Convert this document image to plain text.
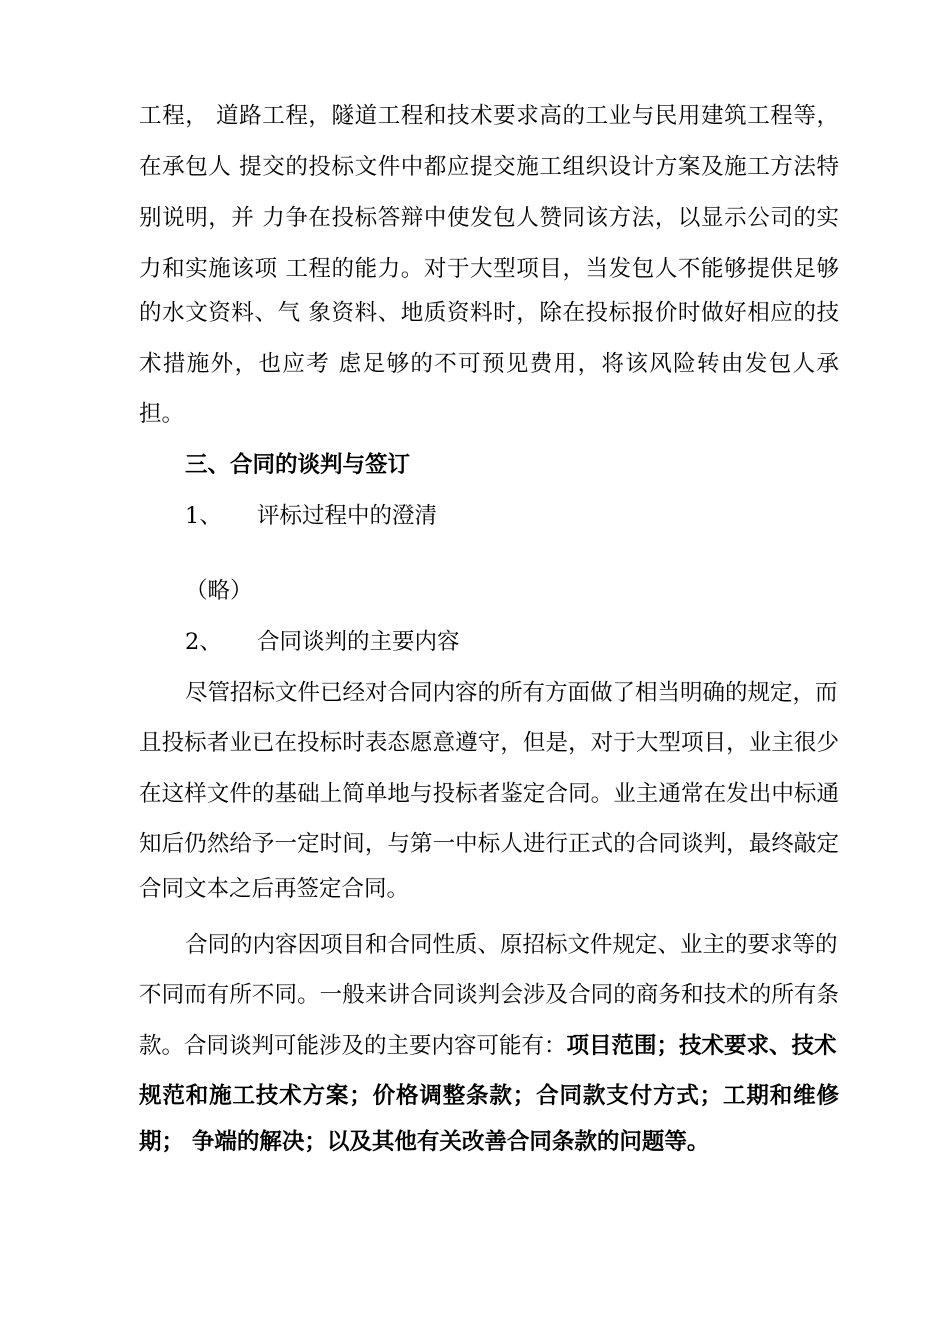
工程， 道路工程，隧道工程和技术要求高的工业与民用建筑工程等，
在承包人 提交的投标文件中都应提交施工组织设计方案及施工方法特
别说明，并 力争在投标答辩中使发包人赞同该方法，以显示公司的实
力和实施该项 工程的能力。对于大型项目，当发包人不能够提供足够
的水文资料、气 象资料、地质资料时，除在投标报价时做好相应的技
术措施外，也应考 虑足够的不可预见费用，将该风险转由发包人承
担。
三、合同的谈判与签订
1、 评标过程中的澄清
（略）
2、 合同谈判的主要内容
尽管招标文件已经对合同内容的所有方面做了相当明确的规定，而
且投标者业已在投标时表态愿意遵守，但是，对于大型项目，业主很少
在这样文件的基础上简单地与投标者鉴定合同。业主通常在发出中标通
知后仍然给予一定时间，与第一中标人进行正式的合同谈判，最终敲定
合同文本之后再签定合同。
合同的内容因项目和合同性质、原招标文件规定、业主的要求等的
不同而有所不同。一般来讲合同谈判会涉及合同的商务和技术的所有条
款。合同谈判可能涉及的主要内容可能有：项目范围；技术要求、技术
规范和施工技术方案；价格调整条款；合同款支付方式；工期和维修
期； 争端的解决；以及其他有关改善合同条款的问题等。
